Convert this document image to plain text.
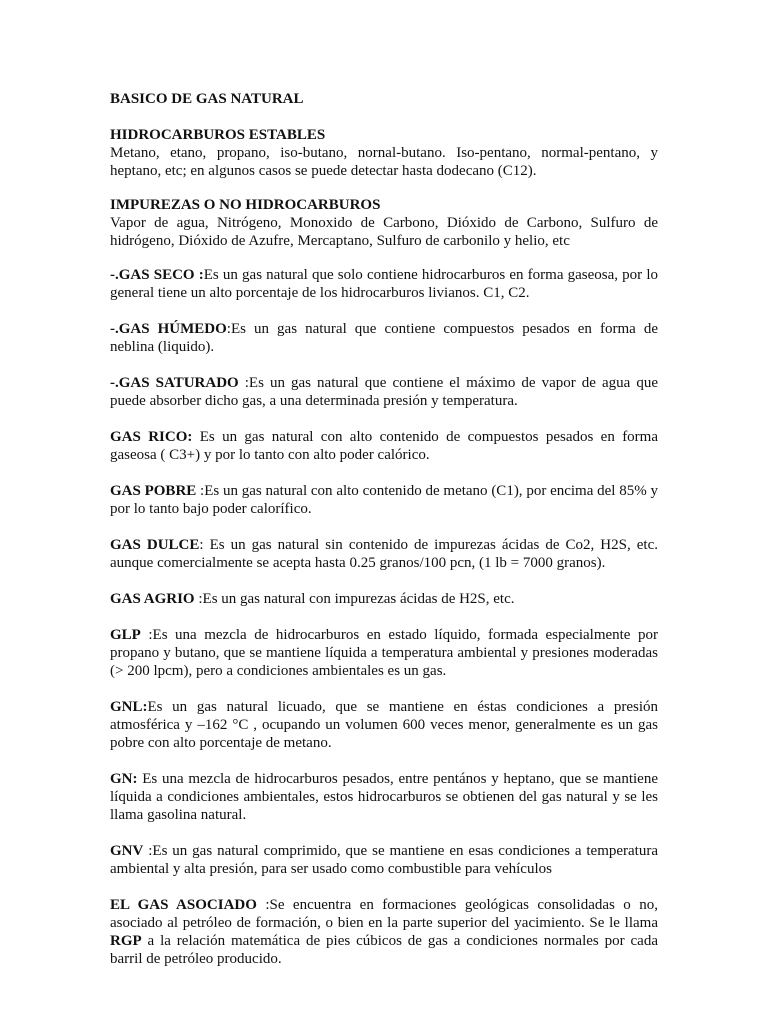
BASICO DE GAS NATURAL

HIDROCARBUROS ESTABLES
Metano, etano, propano, iso-butano, nornal-butano. Iso-pentano, normal-pentano, y heptano, etc; en algunos casos se puede detectar hasta dodecano (C12).
IMPUREZAS O NO HIDROCARBUROS
Vapor de agua, Nitrógeno, Monoxido de Carbono, Dióxido de Carbono, Sulfuro de hidrógeno, Dióxido de Azufre, Mercaptano, Sulfuro de carbonilo y helio, etc

-.GAS SECO :Es un gas natural que solo contiene hidrocarburos en forma gaseosa, por lo general tiene un alto porcentaje de los hidrocarburos livianos. C1, C2.

-.GAS HÚMEDO:Es un gas natural que contiene compuestos pesados en forma de neblina (liquido).

-.GAS SATURADO :Es un gas natural que contiene el máximo de vapor de agua que puede absorber dicho gas, a una determinada presión y temperatura.

GAS RICO: Es un gas natural con alto contenido de compuestos pesados en forma gaseosa ( C3+) y por lo tanto con alto poder calórico.

GAS POBRE :Es un gas natural con alto contenido de metano (C1), por encima del 85% y por lo tanto bajo poder calorífico.

GAS DULCE: Es un gas natural sin contenido de impurezas ácidas de Co2, H2S, etc. aunque comercialmente se acepta hasta 0.25 granos/100 pcn, (1 lb = 7000 granos).

GAS AGRIO :Es un gas natural con impurezas ácidas de H2S, etc.

GLP :Es una mezcla de hidrocarburos en estado líquido, formada especialmente por propano y butano, que se mantiene líquida a temperatura ambiental y presiones moderadas (> 200 lpcm), pero a condiciones ambientales es un gas.

GNL:Es un gas natural licuado, que se mantiene en éstas condiciones a presión atmosférica y –162 °C , ocupando un volumen 600 veces menor, generalmente es un gas pobre con alto porcentaje de metano.

GN: Es una mezcla de hidrocarburos pesados, entre pentános y heptano, que se mantiene líquida a condiciones ambientales, estos hidrocarburos se obtienen del gas natural y se les llama gasolina natural.

GNV :Es un gas natural comprimido, que se mantiene en esas condiciones a temperatura ambiental y alta presión, para ser usado como combustible para vehículos

EL GAS ASOCIADO :Se encuentra en formaciones geológicas consolidadas o no, asociado al petróleo de formación, o bien en la parte superior del yacimiento. Se le llama RGP a la relación matemática de pies cúbicos de gas a condiciones normales por cada barril de petróleo producido.
